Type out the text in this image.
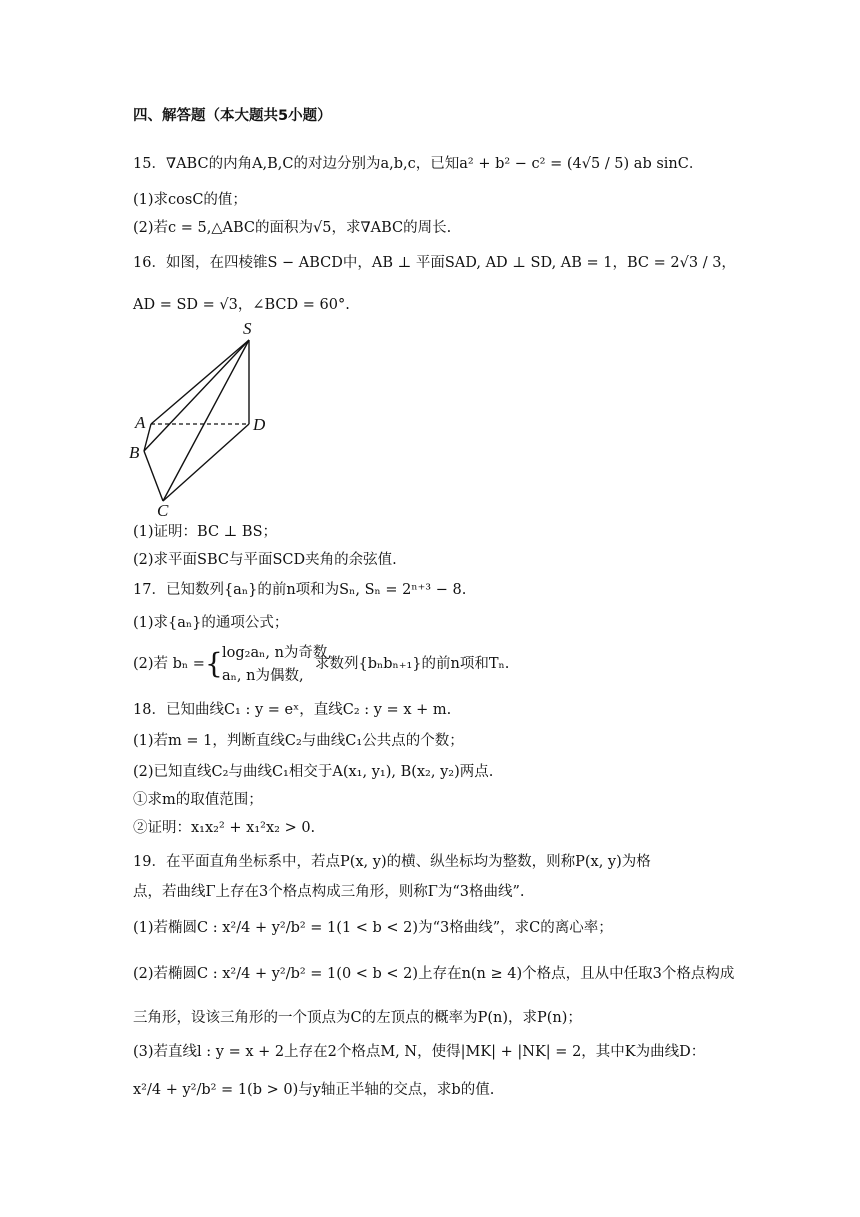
四、解答题（本大题共5小题）
15．∇ABC的内角A,B,C的对边分别为a,b,c，已知a² + b² − c² = (4√5 / 5) ab sinC．
(1)求cosC的值；
(2)若c = 5,△ABC的面积为√5，求∇ABC的周长.
16．如图，在四棱锥S − ABCD中，AB ⊥ 平面SAD, AD ⊥ SD, AB = 1，BC = 2√3 / 3，
AD = SD = √3，∠BCD = 60°.
S
A	D
B
C
(1)证明：BC ⊥ BS；
(2)求平面SBC与平面SCD夹角的余弦值.
17．已知数列{aₙ}的前n项和为Sₙ, Sₙ = 2ⁿ⁺³ − 8.
(1)求{aₙ}的通项公式；
(2)若 bₙ = { log₂aₙ, n为奇数,
aₙ, n为偶数,
求数列{bₙbₙ₊₁}的前n项和Tₙ.
18．已知曲线C₁ : y = eˣ，直线C₂ : y = x + m.
(1)若m = 1，判断直线C₂与曲线C₁公共点的个数；
(2)已知直线C₂与曲线C₁相交于A(x₁, y₁), B(x₂, y₂)两点.
①求m的取值范围；
②证明：x₁x₂² + x₁²x₂ > 0.
19．在平面直角坐标系中，若点P(x, y)的横、纵坐标均为整数，则称P(x, y)为格
点，若曲线Γ上存在3个格点构成三角形，则称Γ为“3格曲线”.
(1)若椭圆C : x²/4 + y²/b² = 1(1 < b < 2)为“3格曲线”，求C的离心率；
(2)若椭圆C : x²/4 + y²/b² = 1(0 < b < 2)上存在n(n ≥ 4)个格点，且从中任取3个格点构成
三角形，设该三角形的一个顶点为C的左顶点的概率为P(n)，求P(n)；
(3)若直线l : y = x + 2上存在2个格点M, N，使得|MK| + |NK| = 2，其中K为曲线D：
x²/4 + y²/b² = 1(b > 0)与y轴正半轴的交点，求b的值.
